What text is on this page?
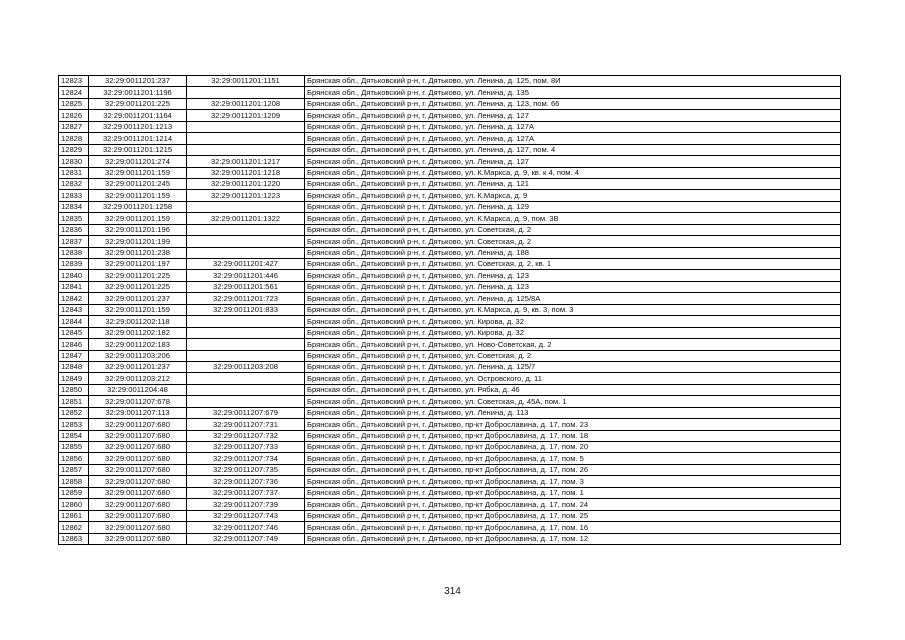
12823	32:29:0011201:237	32:29:0011201:1151	Брянская обл., Дятьковский р-н, г. Дятьково, ул. Ленина, д. 125, пом. 8И
12824	32:29:0011201:1196		Брянская обл., Дятьковский р-н, г. Дятьково, ул. Ленина, д. 135
12825	32:29:0011201:225	32:29:0011201:1208	Брянская обл., Дятьковский р-н, г. Дятьково, ул. Ленина, д. 123, пом. 66
12826	32:29:0011201:1164	32:29:0011201:1209	Брянская обл., Дятьковский р-н, г. Дятьково, ул. Ленина, д. 127
12827	32:29:0011201:1213		Брянская обл., Дятьковский р-н, г. Дятьково, ул. Ленина, д. 127А
12828	32:29:0011201:1214		Брянская обл., Дятьковский р-н, г. Дятьково, ул. Ленина, д. 127А
12829	32:29:0011201:1215		Брянская обл., Дятьковский р-н, г. Дятьково, ул. Ленина, д. 127, пом. 4
12830	32:29:0011201:274	32:29:0011201:1217	Брянская обл., Дятьковский р-н, г. Дятьково, ул. Ленина, д. 127
12831	32:29:0011201:159	32:29:0011201:1218	Брянская обл., Дятьковский р-н, г. Дятьково, ул. К.Маркса, д. 9, кв. к 4, пом. 4
12832	32:29:0011201:245	32:29:0011201:1220	Брянская обл., Дятьковский р-н, г. Дятьково, ул. Ленина, д. 121
12833	32:29:0011201:159	32:29:0011201:1223	Брянская обл., Дятьковский р-н, г. Дятьково, ул. К.Маркса, д. 9
12834	32:29:0011201:1258		Брянская обл., Дятьковский р-н, г. Дятьково, ул. Ленина, д. 129
12835	32:29:0011201:159	32:29:0011201:1322	Брянская обл., Дятьковский р-н, г. Дятьково, ул. К.Маркса, д. 9, пом. 3В
12836	32:29:0011201:196		Брянская обл., Дятьковский р-н, г. Дятьково, ул. Советская, д. 2
12837	32:29:0011201:199		Брянская обл., Дятьковский р-н, г. Дятьково, ул. Советская, д. 2
12838	32:29:0011201:238		Брянская обл., Дятьковский р-н, г. Дятьково, ул. Ленина, д. 188
12839	32:29:0011201:197	32:29:0011201:427	Брянская обл., Дятьковский р-н, г. Дятьково, ул. Советская, д. 2, кв. 1
12840	32:29:0011201:225	32:29:0011201:446	Брянская обл., Дятьковский р-н, г. Дятьково, ул. Ленина, д. 123
12841	32:29:0011201:225	32:29:0011201:561	Брянская обл., Дятьковский р-н, г. Дятьково, ул. Ленина, д. 123
12842	32:29:0011201:237	32:29:0011201:723	Брянская обл., Дятьковский р-н, г. Дятьково, ул. Ленина, д. 125/8А
12843	32:29:0011201:159	32:29:0011201:833	Брянская обл., Дятьковский р-н, г. Дятьково, ул. К.Маркса, д. 9, кв. 3, пом. 3
12844	32:29:0011202:118		Брянская обл., Дятьковский р-н, г. Дятьково, ул. Кирова, д. 32
12845	32:29:0011202:182		Брянская обл., Дятьковский р-н, г. Дятьково, ул. Кирова, д. 32
12846	32:29:0011202:183		Брянская обл., Дятьковский р-н, г. Дятьково, ул. Ново-Советская, д. 2
12847	32:29:0011203:206		Брянская обл., Дятьковский р-н, г. Дятьково, ул. Советская, д. 2
12848	32:29:0011201:237	32:29:0011203:208	Брянская обл., Дятьковский р-н, г. Дятьково, ул. Ленина, д. 125/7
12849	32:29:0011203:212		Брянская обл., Дятьковский р-н, г. Дятьково, ул. Островского, д. 11
12850	32:29:0011204:48		Брянская обл., Дятьковский р-н, г. Дятьково, ул. Рябка, д. 46
12851	32:29:0011207:678		Брянская обл., Дятьковский р-н, г. Дятьково, ул. Советская, д. 45А, пом. 1
12852	32:29:0011207:113	32:29:0011207:679	Брянская обл., Дятьковский р-н, г. Дятьково, ул. Ленина, д. 113
12853	32:29:0011207:680	32:29:0011207:731	Брянская обл., Дятьковский р-н, г. Дятьково, пр-кт Доброславина, д. 17, пом. 23
12854	32:29:0011207:680	32:29:0011207:732	Брянская обл., Дятьковский р-н, г. Дятьково, пр-кт Доброславина, д. 17, пом. 18
12855	32:29:0011207:680	32:29:0011207:733	Брянская обл., Дятьковский р-н, г. Дятьково, пр-кт Доброславина, д. 17, пом. 20
12856	32:29:0011207:680	32:29:0011207:734	Брянская обл., Дятьковский р-н, г. Дятьково, пр-кт Доброславина, д. 17, пом. 5
12857	32:29:0011207:680	32:29:0011207:735	Брянская обл., Дятьковский р-н, г. Дятьково, пр-кт Доброславина, д. 17, пом. 26
12858	32:29:0011207:680	32:29:0011207:736	Брянская обл., Дятьковский р-н, г. Дятьково, пр-кт Доброславина, д. 17, пом. 3
12859	32:29:0011207:680	32:29:0011207:737	Брянская обл., Дятьковский р-н, г. Дятьково, пр-кт Доброславина, д. 17, пом. 1
12860	32:29:0011207:680	32:29:0011207:739	Брянская обл., Дятьковский р-н, г. Дятьково, пр-кт Доброславина, д. 17, пом. 24
12861	32:29:0011207:680	32:29:0011207:743	Брянская обл., Дятьковский р-н, г. Дятьково, пр-кт Доброславина, д. 17, пом. 25
12862	32:29:0011207:680	32:29:0011207:746	Брянская обл., Дятьковский р-н, г. Дятьково, пр-кт Доброславина, д. 17, пом. 16
12863	32:29:0011207:680	32:29:0011207:749	Брянская обл., Дятьковский р-н, г. Дятьково, пр-кт Доброславина, д. 17, пом. 12
314
